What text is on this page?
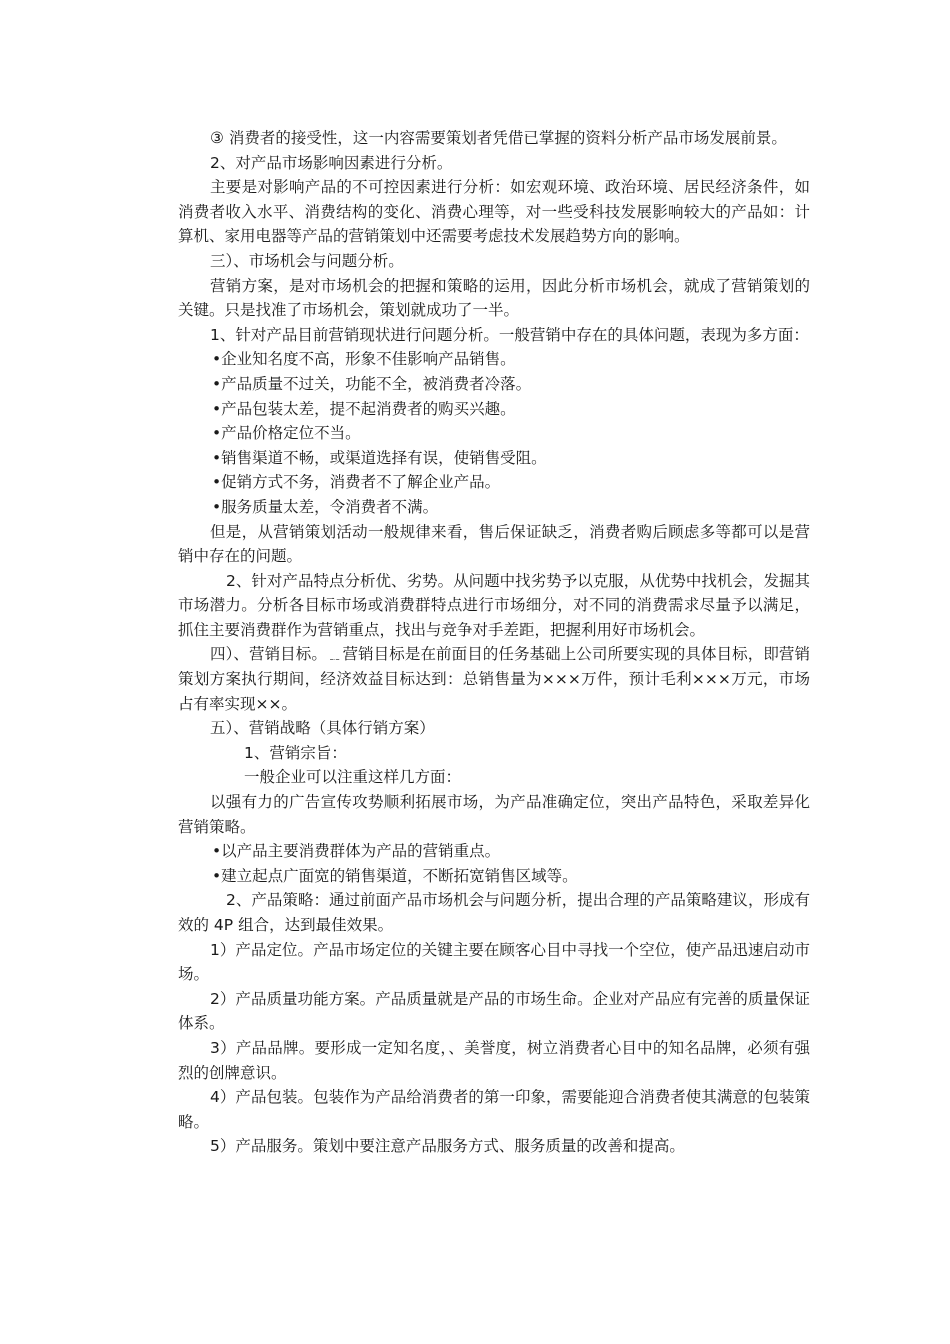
③ 消费者的接受性，这一内容需要策划者凭借已掌握的资料分析产品市场发展前景。

2、对产品市场影响因素进行分析。

主要是对影响产品的不可控因素进行分析：如宏观环境、政治环境、居民经济条件，如消费者收入水平、消费结构的变化、消费心理等，对一些受科技发展影响较大的产品如：计算机、家用电器等产品的营销策划中还需要考虑技术发展趋势方向的影响。

三）、市场机会与问题分析。

营销方案，是对市场机会的把握和策略的运用，因此分析市场机会，就成了营销策划的关键。只是找准了市场机会，策划就成功了一半。

1、针对产品目前营销现状进行问题分析。一般营销中存在的具体问题，表现为多方面：

•企业知名度不高，形象不佳影响产品销售。

•产品质量不过关，功能不全，被消费者冷落。

•产品包装太差，提不起消费者的购买兴趣。

•产品价格定位不当。

•销售渠道不畅，或渠道选择有误，使销售受阻。

•促销方式不务，消费者不了解企业产品。

•服务质量太差，令消费者不满。

但是，从营销策划活动一般规律来看，售后保证缺乏，消费者购后顾虑多等都可以是营销中存在的问题。

2、针对产品特点分析优、劣势。从问题中找劣势予以克服，从优势中找机会，发掘其市场潜力。分析各目标市场或消费群特点进行市场细分，对不同的消费需求尽量予以满足，抓住主要消费群作为营销重点，找出与竞争对手差距，把握利用好市场机会。

四）、营销目标。﹎营销目标是在前面目的任务基础上公司所要实现的具体目标，即营销策划方案执行期间，经济效益目标达到：总销售量为×××万件，预计毛利×××万元，市场占有率实现××。

五）、营销战略（具体行销方案）

1、营销宗旨：

一般企业可以注重这样几方面：

以强有力的广告宣传攻势顺利拓展市场，为产品准确定位，突出产品特色，采取差异化营销策略。

•以产品主要消费群体为产品的营销重点。

•建立起点广面宽的销售渠道，不断拓宽销售区域等。

2、产品策略：通过前面产品市场机会与问题分析，提出合理的产品策略建议，形成有效的 4P 组合，达到最佳效果。

1）产品定位。产品市场定位的关键主要在顾客心目中寻找一个空位，使产品迅速启动市场。

2）产品质量功能方案。产品质量就是产品的市场生命。企业对产品应有完善的质量保证体系。

3）产品品牌。要形成一定知名度，、美誉度，树立消费者心目中的知名品牌，必须有强烈的创牌意识。

4）产品包装。包装作为产品给消费者的第一印象，需要能迎合消费者使其满意的包装策略。

5）产品服务。策划中要注意产品服务方式、服务质量的改善和提高。
